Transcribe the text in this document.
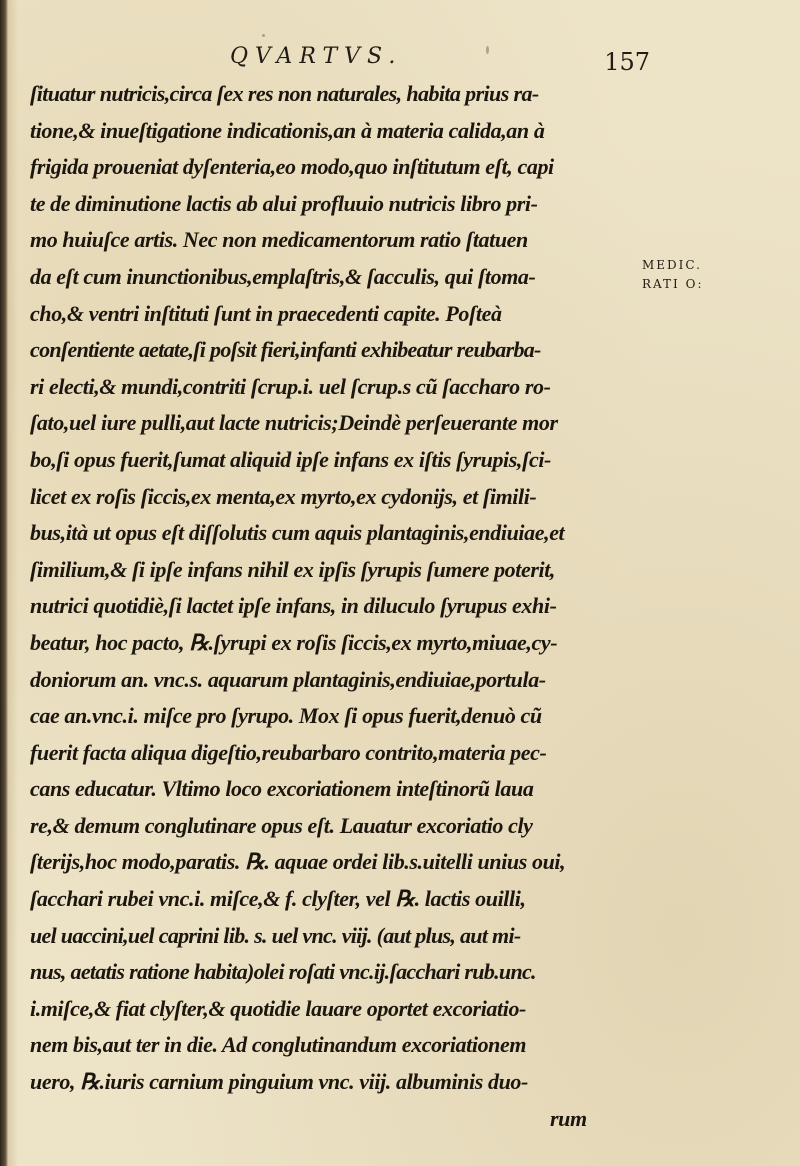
QVARTVS.	157
ſituatur nutricis,circa ſex res non naturales, habita prius ra-
tione,& inueſtigatione indicationis,an à materia calida,an à
frigida proueniat dyſenteria,eo modo,quo inſtitutum eſt, capi
te de diminutione lactis ab alui profluuio nutricis libro pri-
mo huiuſce artis. Nec non medicamentorum ratio ſtatuen
da eſt cum inunctionibus,emplaſtris,& ſacculis, qui ſtoma-
cho,& ventri inſtituti ſunt in praecedenti capite. Poſteà
conſentiente aetate,ſi poſsit fieri,infanti exhibeatur reubarba-
ri electi,& mundi,contriti ſcrup.i. uel ſcrup.s cũ ſaccharo ro-
ſato,uel iure pulli,aut lacte nutricis;Deindè perſeuerante mor
bo,ſi opus fuerit,ſumat aliquid ipſe infans ex iſtis ſyrupis,ſci-
licet ex roſis ſiccis,ex menta,ex myrto,ex cydonijs, et ſimili-
bus,ità ut opus eſt diſſolutis cum aquis plantaginis,endiuiae,et
ſimilium,& ſi ipſe infans nihil ex ipſis ſyrupis ſumere poterit,
nutrici quotidiè,ſi lactet ipſe infans, in diluculo ſyrupus exhi-
beatur, hoc pacto, ℞.ſyrupi ex roſis ſiccis,ex myrto,miuae,cy-
doniorum an. vnc.s. aquarum plantaginis,endiuiae,portula-
cae an.vnc.i. miſce pro ſyrupo. Mox ſi opus fuerit,denuò cũ
fuerit facta aliqua digeſtio,reubarbaro contrito,materia pec-
cans educatur. Vltimo loco excoriationem inteſtinorũ laua
re,& demum conglutinare opus eſt. Lauatur excoriatio cly
ſterijs,hoc modo,paratis. ℞. aquae ordei lib.s.uitelli unius oui,
ſacchari rubei vnc.i. miſce,& f. clyſter, vel ℞. lactis ouilli,
uel uaccini,uel caprini lib. s. uel vnc. viij. (aut plus, aut mi-
nus, aetatis ratione habita)olei roſati vnc.ij.ſacchari rub.unc.
i.miſce,& fiat clyſter,& quotidie lauare oportet excoriatio-
nem bis,aut ter in die. Ad conglutinandum excoriationem
uero, ℞.iuris carnium pinguium vnc. viij. albuminis duo-
rum
MEDIC.
RATI O:
